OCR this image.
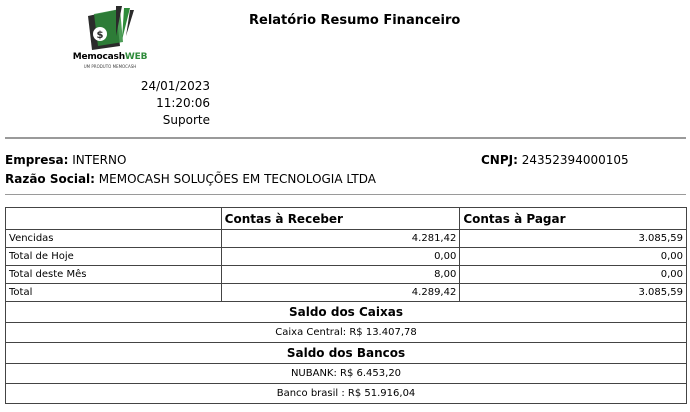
$
MemocashWEB
UM PRODUTO MEMOCASH
Relatório Resumo Financeiro
24/01/2023
11:20:06
Suporte
Empresa: INTERNO
Razão Social: MEMOCASH SOLUÇÕES EM TECNOLOGIA LTDA
CNPJ: 24352394000105
	Contas à Receber	Contas à Pagar
Vencidas	4.281,42	3.085,59
Total de Hoje	0,00	0,00
Total deste Mês	8,00	0,00
Total	4.289,42	3.085,59
Saldo dos Caixas		
Caixa Central: R$ 13.407,78		
Saldo dos Bancos		
NUBANK: R$ 6.453,20		
Banco brasil : R$ 51.916,04		
